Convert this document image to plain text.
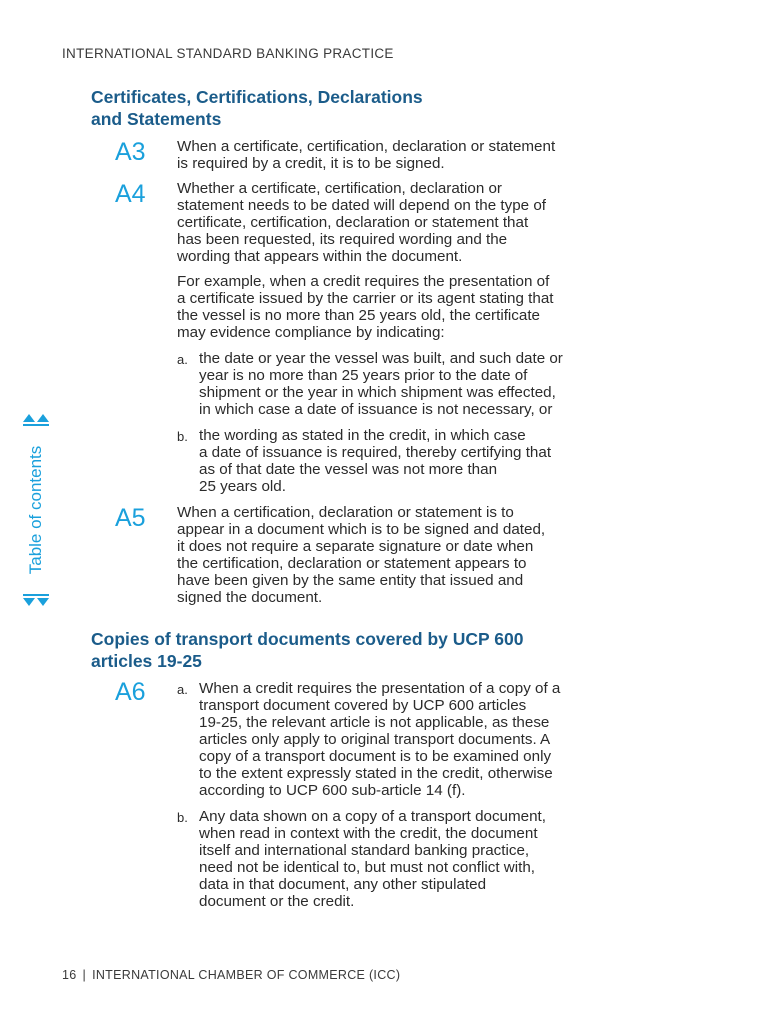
INTERNATIONAL STANDARD BANKING PRACTICE
Certificates, Certifications, Declarations
and Statements
A3 When a certificate, certification, declaration or statement
is required by a credit, it is to be signed.
A4 Whether a certificate, certification, declaration or
statement needs to be dated will depend on the type of
certificate, certification, declaration or statement that
has been requested, its required wording and the
wording that appears within the document.
For example, when a credit requires the presentation of
a certificate issued by the carrier or its agent stating that
the vessel is no more than 25 years old, the certificate
may evidence compliance by indicating:
a. the date or year the vessel was built, and such date or
year is no more than 25 years prior to the date of
shipment or the year in which shipment was effected,
in which case a date of issuance is not necessary, or
b. the wording as stated in the credit, in which case
a date of issuance is required, thereby certifying that
as of that date the vessel was not more than
25 years old.
A5 When a certification, declaration or statement is to
appear in a document which is to be signed and dated,
it does not require a separate signature or date when
the certification, declaration or statement appears to
have been given by the same entity that issued and
signed the document.
Copies of transport documents covered by UCP 600
articles 19-25
A6 a. When a credit requires the presentation of a copy of a
transport document covered by UCP 600 articles
19-25, the relevant article is not applicable, as these
articles only apply to original transport documents. A
copy of a transport document is to be examined only
to the extent expressly stated in the credit, otherwise
according to UCP 600 sub-article 14 (f).
b. Any data shown on a copy of a transport document,
when read in context with the credit, the document
itself and international standard banking practice,
need not be identical to, but must not conflict with,
data in that document, any other stipulated
document or the credit.
Table of contents
16 | INTERNATIONAL CHAMBER OF COMMERCE (ICC)
